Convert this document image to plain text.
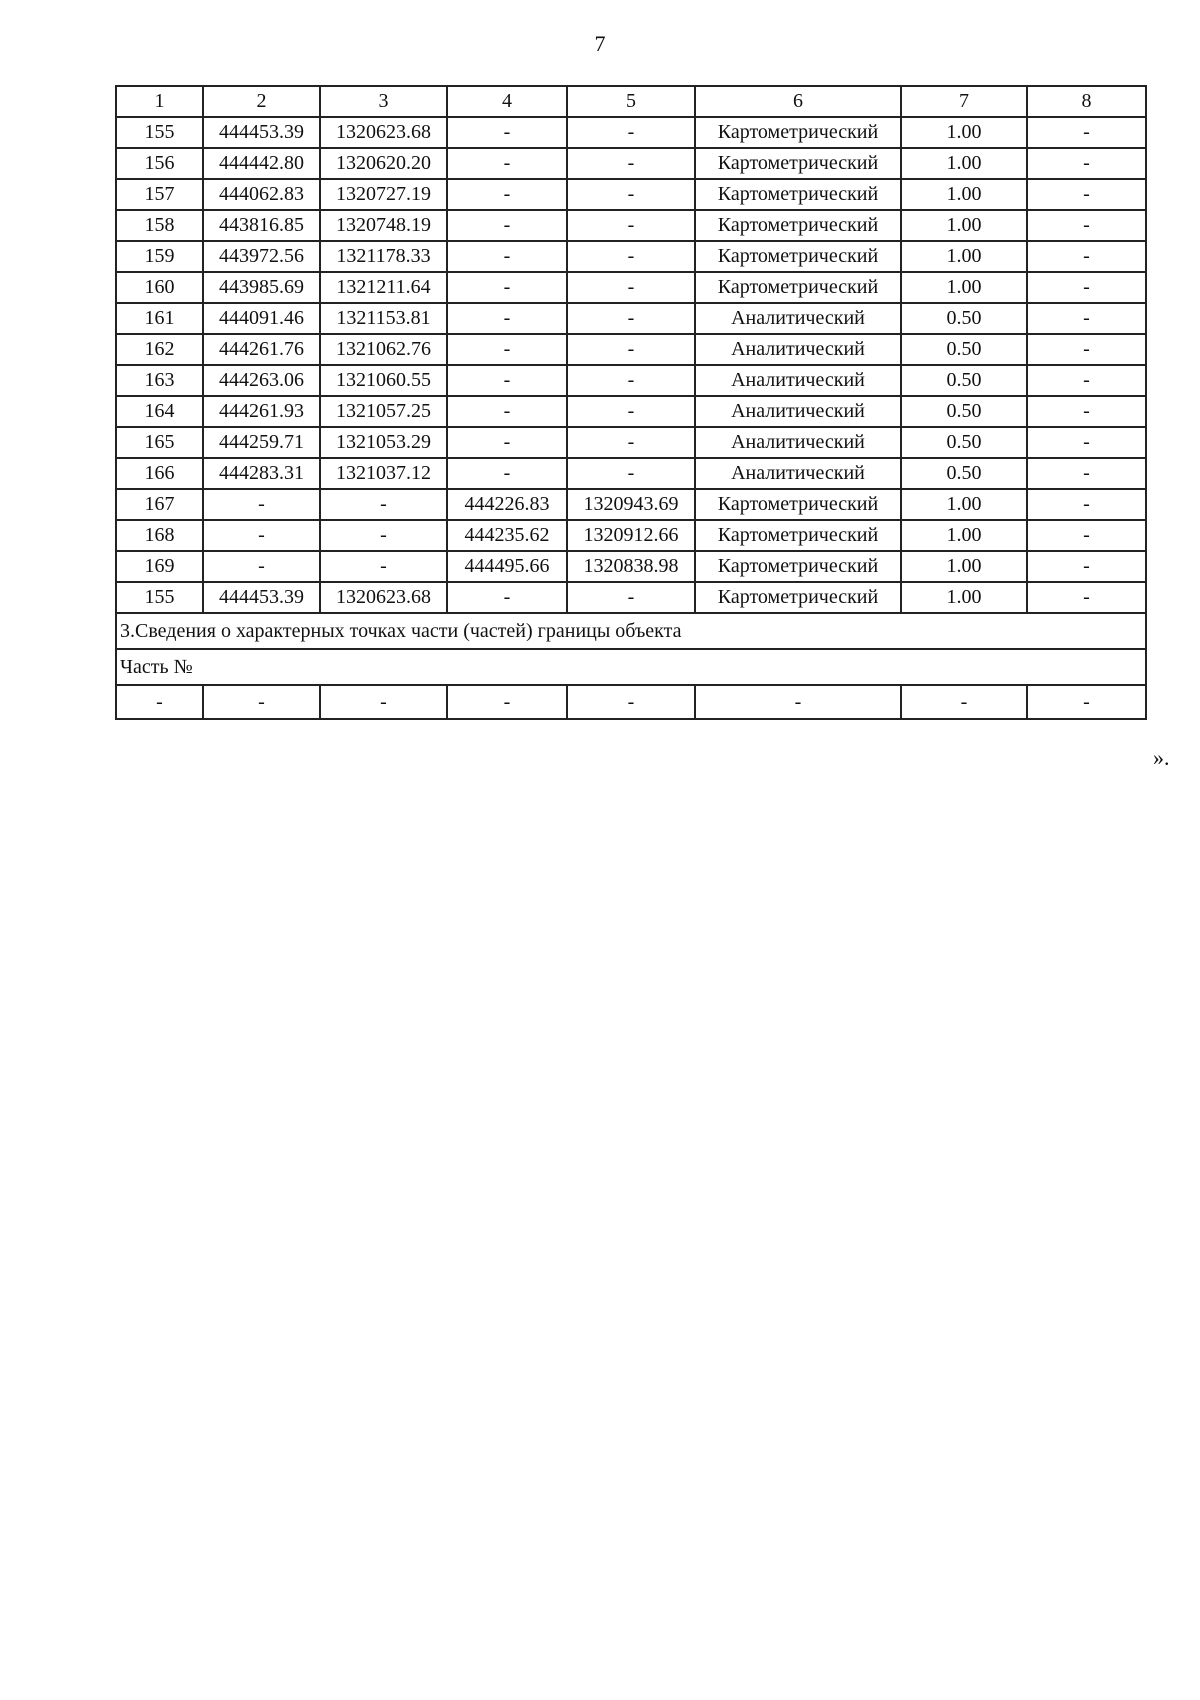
7
1	2	3	4	5	6	7	8
155	444453.39	1320623.68	-	-	Картометрический	1.00	-
156	444442.80	1320620.20	-	-	Картометрический	1.00	-
157	444062.83	1320727.19	-	-	Картометрический	1.00	-
158	443816.85	1320748.19	-	-	Картометрический	1.00	-
159	443972.56	1321178.33	-	-	Картометрический	1.00	-
160	443985.69	1321211.64	-	-	Картометрический	1.00	-
161	444091.46	1321153.81	-	-	Аналитический	0.50	-
162	444261.76	1321062.76	-	-	Аналитический	0.50	-
163	444263.06	1321060.55	-	-	Аналитический	0.50	-
164	444261.93	1321057.25	-	-	Аналитический	0.50	-
165	444259.71	1321053.29	-	-	Аналитический	0.50	-
166	444283.31	1321037.12	-	-	Аналитический	0.50	-
167	-	-	444226.83	1320943.69	Картометрический	1.00	-
168	-	-	444235.62	1320912.66	Картометрический	1.00	-
169	-	-	444495.66	1320838.98	Картометрический	1.00	-
155	444453.39	1320623.68	-	-	Картометрический	1.00	-
3.Сведения о характерных точках части (частей) границы объекта							
Часть №							
-	-	-	-	-	-	-	-
».
